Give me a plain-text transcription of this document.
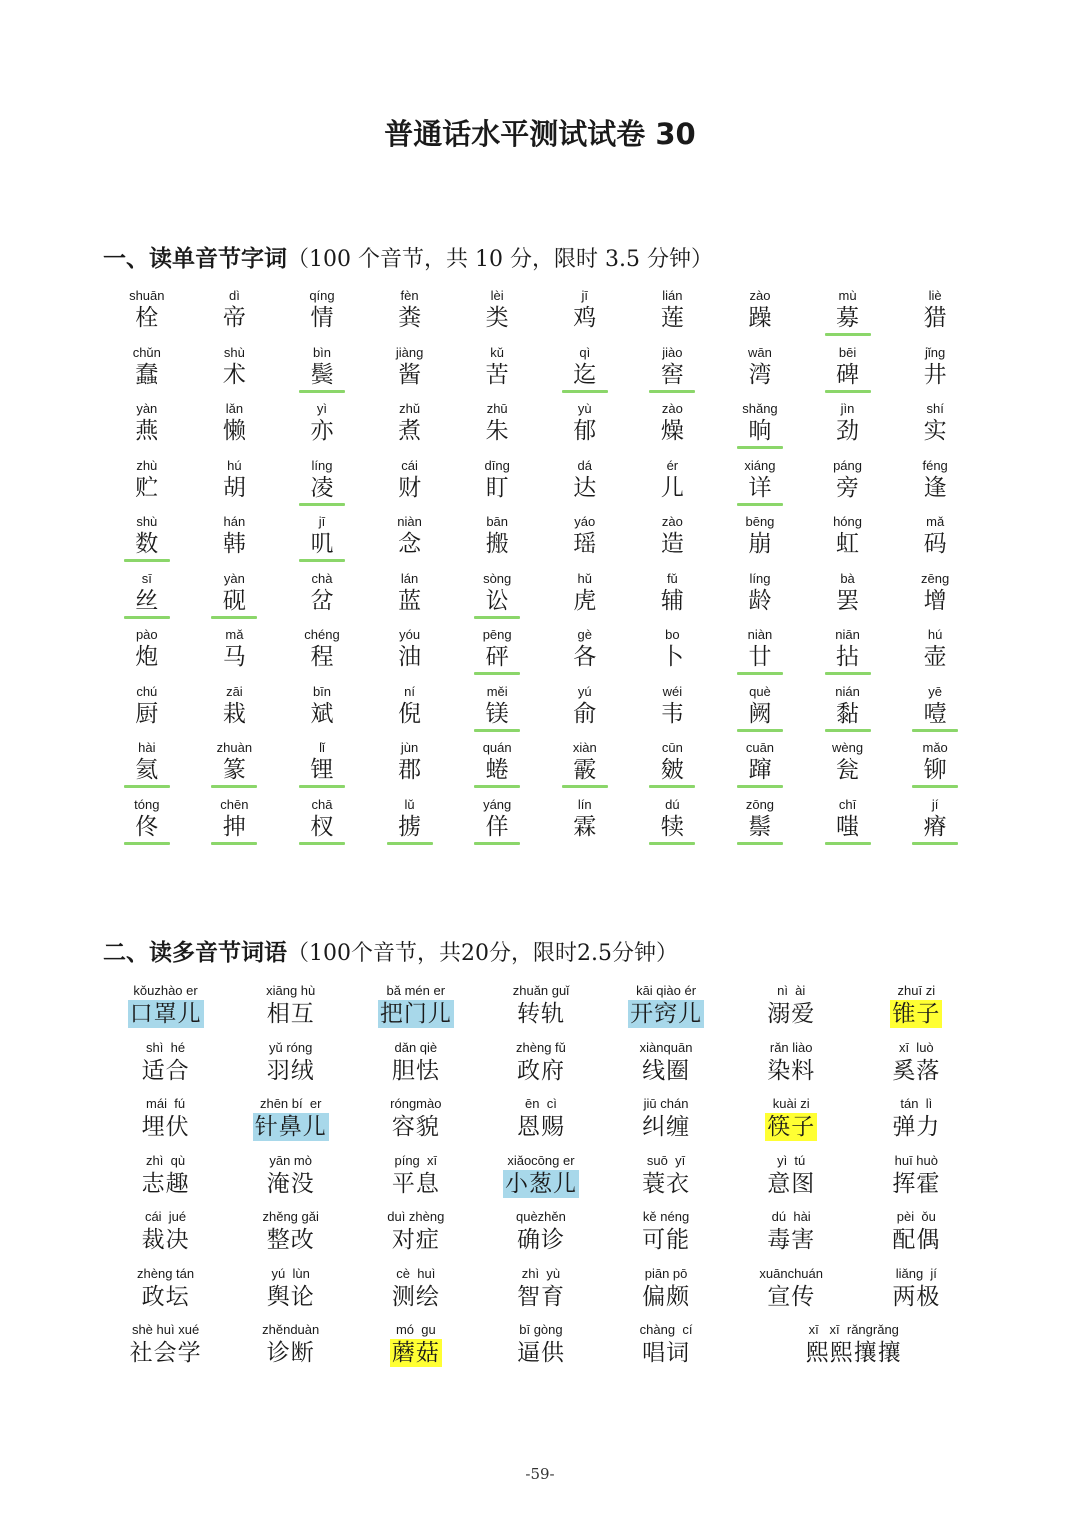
普通话水平测试试卷 30
一、读单音节字词（100 个音节，共 10 分，限时 3.5 分钟）
shuān
栓
dì
帝
qíng
情
fèn
粪
lèi
类
jī
鸡
lián
莲
zào
躁
mù
募
liè
猎
chǔn
蠢
shù
术
bìn
鬓
jiàng
酱
kǔ
苦
qì
迄
jiào
窖
wān
湾
bēi
碑
jǐng
井
yàn
燕
lǎn
懒
yì
亦
zhǔ
煮
zhū
朱
yù
郁
zào
燥
shǎng
晌
jìn
劲
shí
实
zhù
贮
hú
胡
líng
凌
cái
财
dīng
盯
dá
达
ér
儿
xiáng
详
páng
旁
féng
逢
shù
数
hán
韩
jī
叽
niàn
念
bān
搬
yáo
瑶
zào
造
bēng
崩
hóng
虹
mǎ
码
sī
丝
yàn
砚
chà
岔
lán
蓝
sòng
讼
hǔ
虎
fǔ
辅
líng
龄
bà
罢
zēng
增
pào
炮
mǎ
马
chéng
程
yóu
油
pēng
砰
gè
各
bo
卜
niàn
廿
niān
拈
hú
壶
chú
厨
zāi
栽
bīn
斌
ní
倪
měi
镁
yú
俞
wéi
韦
què
阙
nián
黏
yē
噎
hài
氦
zhuàn
篆
lǐ
锂
jùn
郡
quán
蜷
xiàn
霰
cūn
皴
cuān
蹿
wèng
瓮
mǎo
铆
tóng
佟
chēn
抻
chā
杈
lǔ
掳
yáng
佯
lín
霖
dú
犊
zōng
鬃
chī
嗤
jí
瘠
二、读多音节词语（100个音节，共20分，限时2.5分钟）
kǒuzhào er
口罩儿
xiāng hù
相互
bǎ mén er
把门儿
zhuǎn guǐ
转轨
kāi qiào ér
开窍儿
nì  ài
溺爱
zhuī zi
锥子
shì  hé
适合
yǔ róng
羽绒
dǎn qiè
胆怯
zhèng fǔ
政府
xiànquān
线圈
rǎn liào
染料
xī  luò
奚落
mái  fú
埋伏
zhēn bí  er
针鼻儿
róngmào
容貌
ēn  cì
恩赐
jiū chán
纠缠
kuài zi
筷子
tán  lì
弹力
zhì  qù
志趣
yān mò
淹没
píng  xī
平息
xiǎocōng er
小葱儿
suō  yī
蓑衣
yì  tú
意图
huī huò
挥霍
cái  jué
裁决
zhěng gǎi
整改
duì zhèng
对症
quèzhěn
确诊
kě néng
可能
dú  hài
毒害
pèi  ǒu
配偶
zhèng tán
政坛
yú  lùn
舆论
cè  huì
测绘
zhì  yù
智育
piān pō
偏颇
xuānchuán
宣传
liǎng  jí
两极
shè huì xué
社会学
zhěnduàn
诊断
mó  gu
蘑菇
bī gòng
逼供
chàng  cí
唱词
xī   xī  rǎngrǎng
熙熙攘攘
-59-
